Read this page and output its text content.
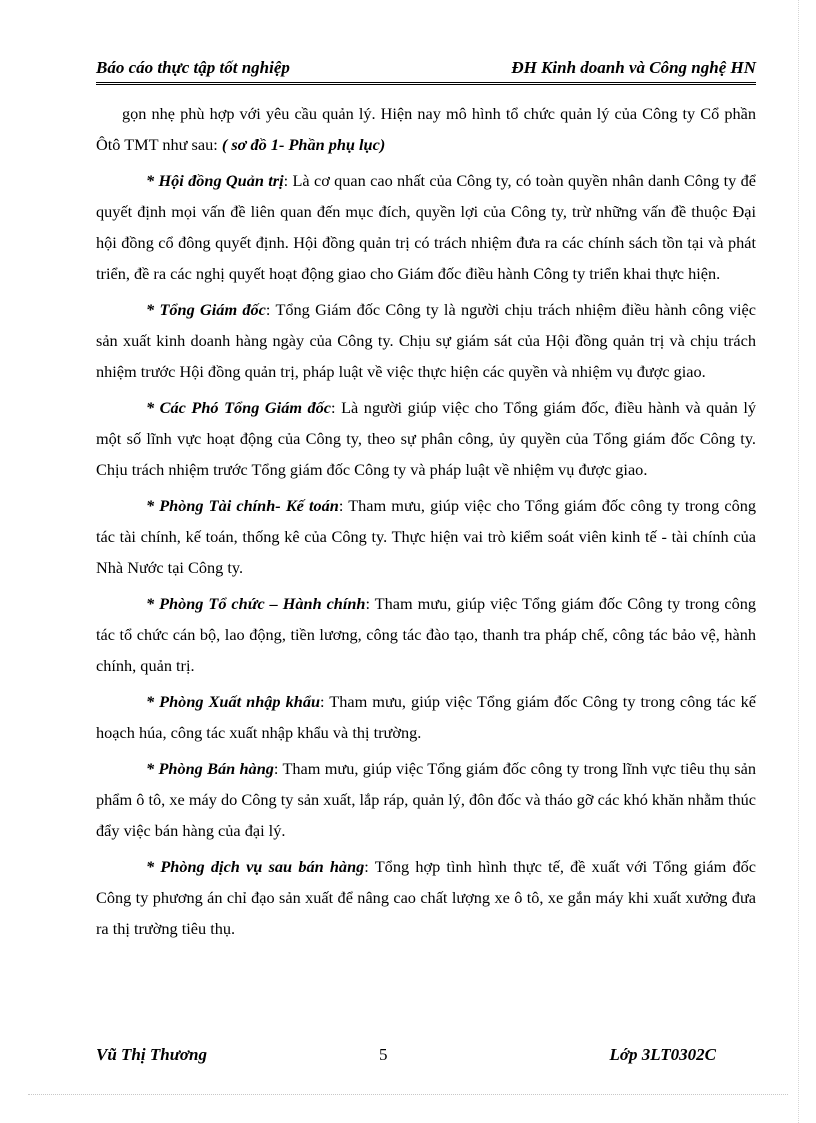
Báo cáo thực tập tốt nghiệp	ĐH Kinh doanh và Công nghệ HN

gọn nhẹ phù hợp với yêu cầu quản lý. Hiện nay mô hình tổ chức quản lý của Công ty Cổ phần Ôtô TMT như sau: ( sơ đồ 1- Phần phụ lục)

* Hội đồng Quản trị: Là cơ quan cao nhất của Công ty, có toàn quyền nhân danh Công ty để quyết định mọi vấn đề liên quan đến mục đích, quyền lợi của Công ty, trừ những vấn đề thuộc Đại hội đồng cổ đông quyết định. Hội đồng quản trị có trách nhiệm đưa ra các chính sách tồn tại và phát triển, đề ra các nghị quyết hoạt động giao cho Giám đốc điều hành Công ty triển khai thực hiện.

* Tổng Giám đốc: Tổng Giám đốc Công ty là người chịu trách nhiệm điều hành công việc sản xuất kinh doanh hàng ngày của Công ty. Chịu sự giám sát của Hội đồng quản trị và chịu trách nhiệm trước Hội đồng quản trị, pháp luật về việc thực hiện các quyền và nhiệm vụ được giao.

* Các Phó Tổng Giám đốc: Là người giúp việc cho Tổng giám đốc, điều hành và quản lý một số lĩnh vực hoạt động của Công ty, theo sự phân công, ủy quyền của Tổng giám đốc Công ty. Chịu trách nhiệm trước Tổng giám đốc Công ty và pháp luật về nhiệm vụ được giao.

* Phòng Tài chính- Kế toán: Tham mưu, giúp việc cho Tổng giám đốc công ty trong công tác tài chính, kế toán, thống kê của Công ty. Thực hiện vai trò kiểm soát viên kinh tế - tài chính của Nhà Nước tại Công ty.

* Phòng Tổ chức – Hành chính: Tham mưu, giúp việc Tổng giám đốc Công ty trong công tác tổ chức cán bộ, lao động, tiền lương, công tác đào tạo, thanh tra pháp chế, công tác bảo vệ, hành chính, quản trị.

* Phòng Xuất nhập khẩu: Tham mưu, giúp việc Tổng giám đốc Công ty trong công tác kế hoạch húa, công tác xuất nhập khẩu và thị trường.

* Phòng Bán hàng: Tham mưu, giúp việc Tổng giám đốc công ty trong lĩnh vực tiêu thụ sản phẩm ô tô, xe máy do Công ty sản xuất, lắp ráp, quản lý, đôn đốc và tháo gỡ các khó khăn nhằm thúc đẩy việc bán hàng của đại lý.

* Phòng dịch vụ sau bán hàng: Tổng hợp tình hình thực tế, đề xuất với Tổng giám đốc Công ty phương án chỉ đạo sản xuất để nâng cao chất lượng xe ô tô, xe gắn máy khi xuất xưởng đưa ra thị trường tiêu thụ.

Vũ Thị Thương	5	Lớp 3LT0302C
